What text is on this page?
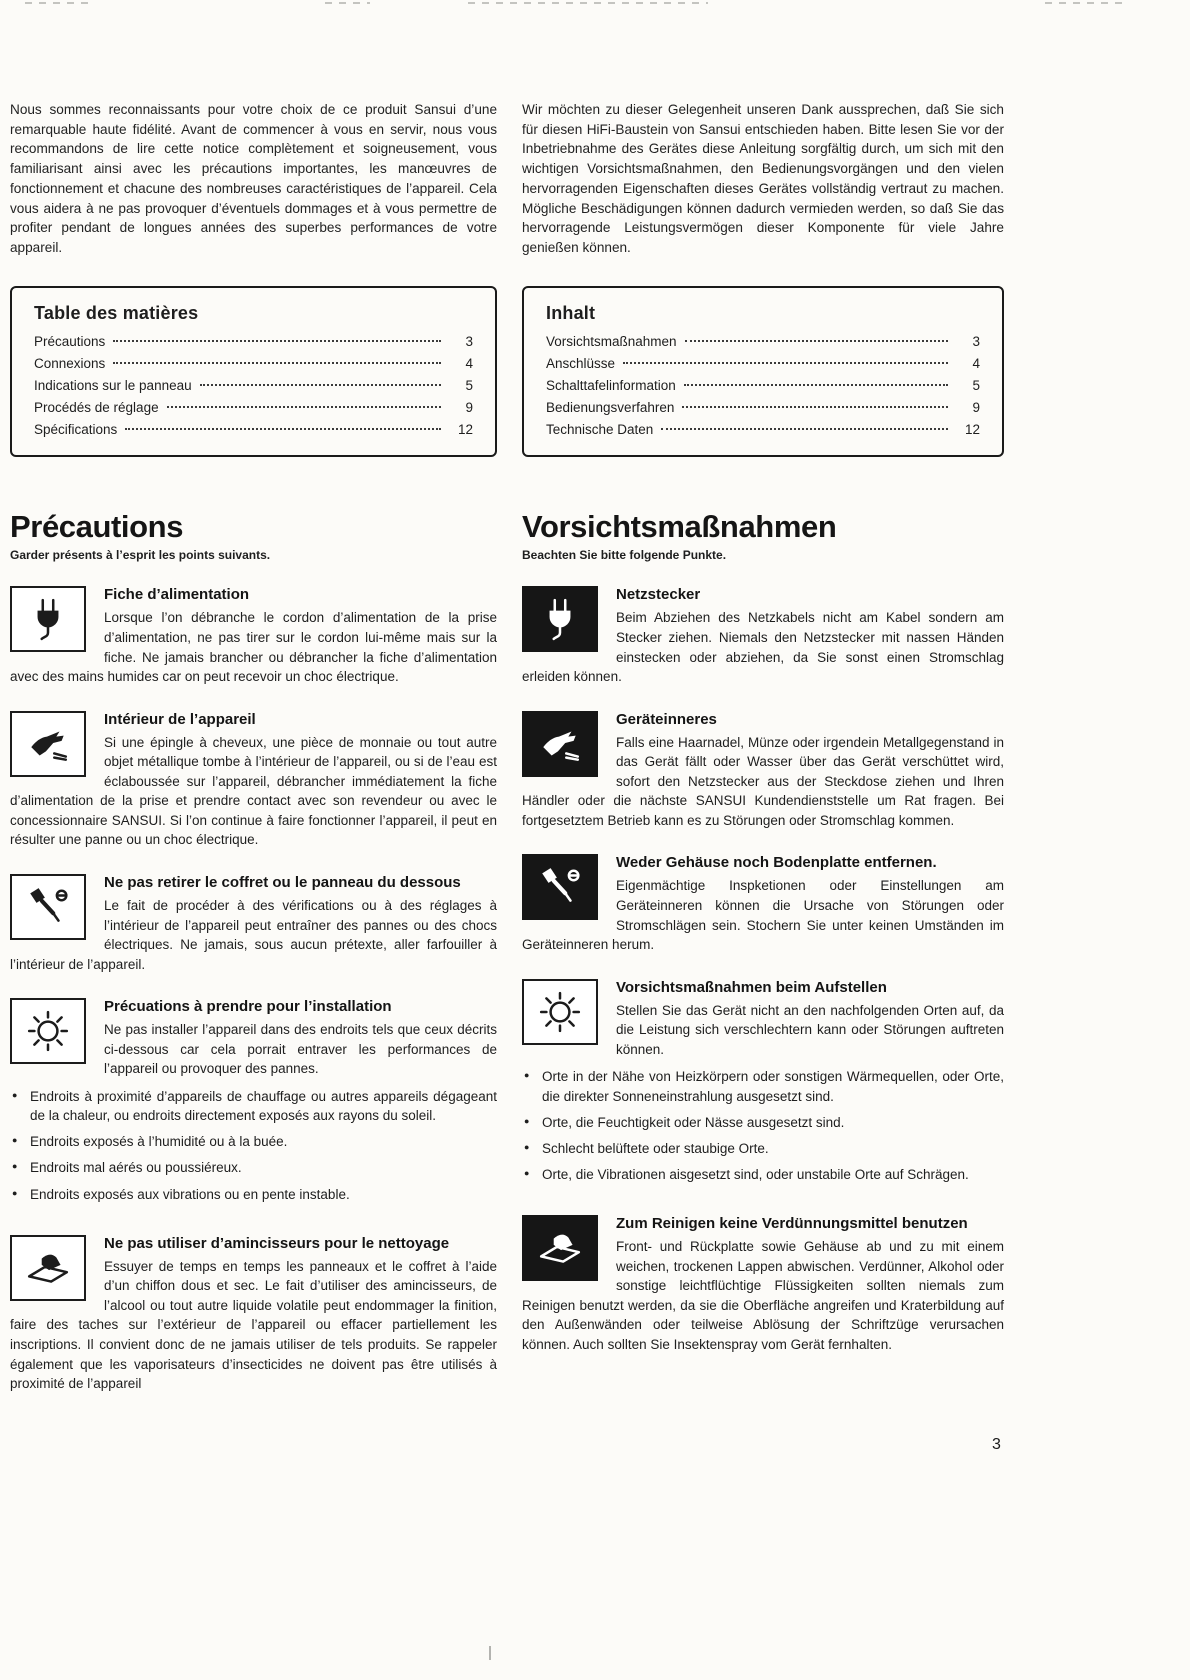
Nous sommes reconnaissants pour votre choix de ce produit Sansui d’une remarquable haute fidélité. Avant de commencer à vous en servir, nous vous recommandons de lire cette notice complètement et soigneusement, vous familiarisant ainsi avec les précautions importantes, les manœuvres de fonctionnement et chacune des nombreuses caractéristiques de l’appareil. Cela vous aidera à ne pas provoquer d’éventuels dommages et à vous permettre de profiter pendant de longues années des superbes performances de votre appareil.

Wir möchten zu dieser Gelegenheit unseren Dank aussprechen, daß Sie sich für diesen HiFi-Baustein von Sansui entschieden haben. Bitte lesen Sie vor der Inbetriebnahme des Gerätes diese Anleitung sorgfältig durch, um sich mit den wichtigen Vorsichtsmaßnahmen, den Bedienungsvorgängen und den vielen hervorragenden Eigenschaften dieses Gerätes vollständig vertraut zu machen. Mögliche Beschädigungen können dadurch vermieden werden, so daß Sie das hervorragende Leistungsvermögen dieser Komponente für viele Jahre genießen können.

Table des matières
Précautions	3
Connexions	4
Indications sur le panneau	5
Procédés de réglage	9
Spécifications	12
Inhalt
Vorsichtsmaßnahmen	3
Anschlüsse	4
Schalttafelinformation	5
Bedienungsverfahren	9
Technische Daten	12
Précautions

Garder présents à l’esprit les points suivants.

Fiche d’alimentation

Lorsque l’on débranche le cordon d’alimentation de la prise d’alimentation, ne pas tirer sur le cordon lui-même mais sur la fiche. Ne jamais brancher ou débrancher la fiche d’alimentation avec des mains humides car on peut recevoir un choc électrique.

Intérieur de l’appareil

Si une épingle à cheveux, une pièce de monnaie ou tout autre objet métallique tombe à l’intérieur de l’appareil, ou si de l’eau est éclaboussée sur l’appareil, débrancher immédiatement la fiche d’alimentation de la prise et prendre contact avec son revendeur ou avec le concessionnaire SANSUI. Si l’on continue à faire fonctionner l’appareil, il peut en résulter une panne ou un choc électrique.

Ne pas retirer le coffret ou le panneau du dessous

Le fait de procéder à des vérifications ou à des réglages à l’intérieur de l’appareil peut entraîner des pannes ou des chocs électriques. Ne jamais, sous aucun prétexte, aller farfouiller à l’intérieur de l’appareil.

Précuations à prendre pour l’installation

Ne pas installer l’appareil dans des endroits tels que ceux décrits ci-dessous car cela porrait entraver les performances de l’appareil ou provoquer des pannes.

● Endroits à proximité d’appareils de chauffage ou autres appareils dégageant de la chaleur, ou endroits directement exposés aux rayons du soleil.
● Endroits exposés à l’humidité ou à la buée.
● Endroits mal aérés ou poussiéreux.
● Endroits exposés aux vibrations ou en pente instable.
Ne pas utiliser d’amincisseurs pour le nettoyage

Essuyer de temps en temps les panneaux et le coffret à l’aide d’un chiffon dous et sec. Le fait d’utiliser des amincisseurs, de l’alcool ou tout autre liquide volatile peut endommager la finition, faire des taches sur l’extérieur de l’appareil ou effacer partiellement les inscriptions. Il convient donc de ne jamais utiliser de tels produits. Se rappeler également que les vaporisateurs d’insecticides ne doivent pas être utilisés à proximité de l’appareil

Vorsichtsmaßnahmen

Beachten Sie bitte folgende Punkte.

Netzstecker

Beim Abziehen des Netzkabels nicht am Kabel sondern am Stecker ziehen. Niemals den Netzstecker mit nassen Händen einstecken oder abziehen, da Sie sonst einen Stromschlag erleiden können.

Geräteinneres

Falls eine Haarnadel, Münze oder irgendein Metallgegenstand in das Gerät fällt oder Wasser über das Gerät verschüttet wird, sofort den Netzstecker aus der Steckdose ziehen und Ihren Händler oder die nächste SANSUI Kundendienststelle um Rat fragen. Bei fortgesetztem Betrieb kann es zu Störungen oder Stromschlag kommen.

Weder Gehäuse noch Bodenplatte entfernen.

Eigenmächtige Inspketionen oder Einstellungen am Geräteinneren können die Ursache von Störungen oder Stromschlägen sein. Stochern Sie unter keinen Umständen im Geräteinneren herum.

Vorsichtsmaßnahmen beim Aufstellen

Stellen Sie das Gerät nicht an den nachfolgenden Orten auf, da die Leistung sich verschlechtern kann oder Störungen auftreten können.

● Orte in der Nähe von Heizkörpern oder sonstigen Wärmequellen, oder Orte, die direkter Sonneneinstrahlung ausgesetzt sind.
● Orte, die Feuchtigkeit oder Nässe ausgesetzt sind.
● Schlecht belüftete oder staubige Orte.
● Orte, die Vibrationen aisgesetzt sind, oder unstabile Orte auf Schrägen.
Zum Reinigen keine Verdünnungsmittel benutzen

Front- und Rückplatte sowie Gehäuse ab und zu mit einem weichen, trockenen Lappen abwischen. Verdünner, Alkohol oder sonstige leichtflüchtige Flüssigkeiten sollten niemals zum Reinigen benutzt werden, da sie die Oberfläche angreifen und Kraterbildung auf den Außenwänden oder teilweise Ablösung der Schriftzüge verursachen können. Auch sollten Sie Insektenspray vom Gerät fernhalten.

3
